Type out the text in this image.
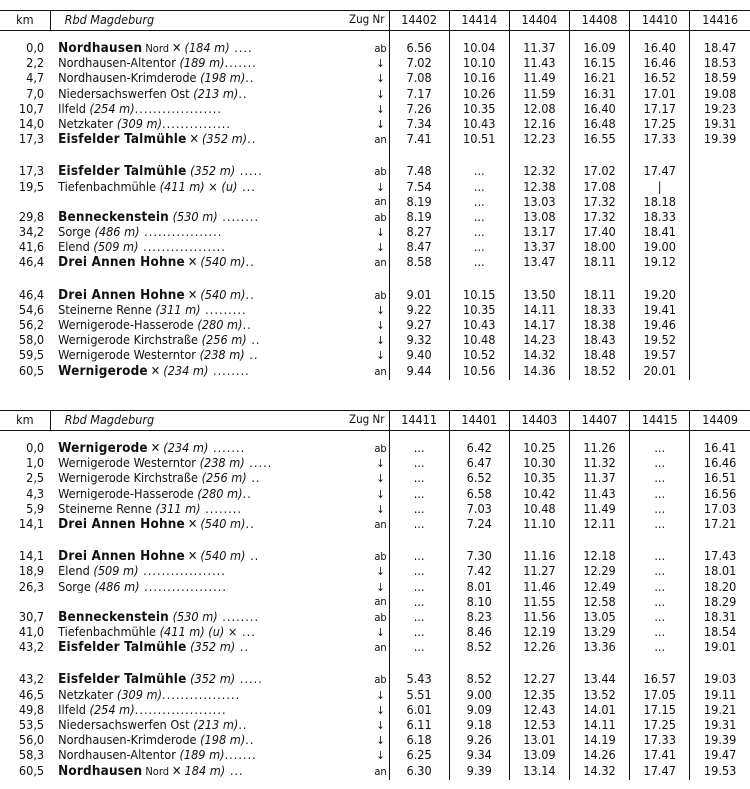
km	Rbd Magdeburg Zug Nr	14402	14414	14404	14408	14410	14416

0,0	Nordhausen Nord ✕ (184 m) .... ab	6.56	10.04	11.37	16.09	16.40	18.47
2,2	Nordhausen-Altentor (189 m)....... ↓	7.02	10.10	11.43	16.15	16.46	18.53
4,7	Nordhausen-Krimderode (198 m).. ↓	7.08	10.16	11.49	16.21	16.52	18.59
7,0	Niedersachswerfen Ost (213 m).. ↓	7.17	10.26	11.59	16.31	17.01	19.08
10,7	Ilfeld (254 m)................... ↓	7.26	10.35	12.08	16.40	17.17	19.23
14,0	Netzkater (309 m)............... ↓	7.34	10.43	12.16	16.48	17.25	19.31
17,3	Eisfelder Talmühle ✕ (352 m).. an	7.41	10.51	12.23	16.55	17.33	19.39

17,3	Eisfelder Talmühle (352 m) ..... ab	7.48	...	12.32	17.02	17.47	
19,5	Tiefenbachmühle (411 m) × (u) ... ↓	7.54	...	12.38	17.08	|	

	an	8.19	...	13.03	17.32	18.18	
29,8	Benneckenstein (530 m) ........ ab	8.19	...	13.08	17.32	18.33	
34,2	Sorge (486 m) ................. ↓	8.27	...	13.17	17.40	18.41	
41,6	Elend (509 m) .................. ↓	8.47	...	13.37	18.00	19.00	
46,4	Drei Annen Hohne ✕ (540 m).. an	8.58	...	13.47	18.11	19.12	

46,4	Drei Annen Hohne ✕ (540 m).. ab	9.01	10.15	13.50	18.11	19.20	
54,6	Steinerne Renne (311 m) ......... ↓	9.22	10.35	14.11	18.33	19.41	
56,2	Wernigerode-Hasserode (280 m).. ↓	9.27	10.43	14.17	18.38	19.46	
58,0	Wernigerode Kirchstraße (256 m) .. ↓	9.32	10.48	14.23	18.43	19.52	
59,5	Wernigerode Westerntor (238 m) .. ↓	9.40	10.52	14.32	18.48	19.57	
60,5	Wernigerode ✕ (234 m) ........ an	9.44	10.56	14.36	18.52	20.01	
km	Rbd Magdeburg Zug Nr	14411	14401	14403	14407	14415	14409

0,0	Wernigerode ✕ (234 m) ....... ab	...	6.42	10.25	11.26	...	16.41
1,0	Wernigerode Westerntor (238 m) ..... ↓	...	6.47	10.30	11.32	...	16.46
2,5	Wernigerode Kirchstraße (256 m) .. ↓	...	6.52	10.35	11.37	...	16.51
4,3	Wernigerode-Hasserode (280 m).. ↓	...	6.58	10.42	11.43	...	16.56
5,9	Steinerne Renne (311 m) ........ ↓	...	7.03	10.48	11.49	...	17.03
14,1	Drei Annen Hohne ✕ (540 m).. an	...	7.24	11.10	12.11	...	17.21

14,1	Drei Annen Hohne ✕ (540 m) .. ab	...	7.30	11.16	12.18	...	17.43
18,9	Elend (509 m) .................. ↓	...	7.42	11.27	12.29	...	18.01
26,3	Sorge (486 m) .................. ↓	...	8.01	11.46	12.49	...	18.20

	an	...	8.10	11.55	12.58	...	18.29
30,7	Benneckenstein (530 m) ........ ab	...	8.23	11.56	13.05	...	18.31
41,0	Tiefenbachmühle (411 m) (u) × ... ↓	...	8.46	12.19	13.29	...	18.54
43,2	Eisfelder Talmühle (352 m) .. an	...	8.52	12.26	13.36	...	19.01

43,2	Eisfelder Talmühle (352 m) ..... ab	5.43	8.52	12.27	13.44	16.57	19.03
46,5	Netzkater (309 m)................. ↓	5.51	9.00	12.35	13.52	17.05	19.11
49,8	Ilfeld (254 m).................... ↓	6.01	9.09	12.43	14.01	17.15	19.21
53,5	Niedersachswerfen Ost (213 m).. ↓	6.11	9.18	12.53	14.11	17.25	19.31
56,0	Nordhausen-Krimderode (198 m).. ↓	6.18	9.26	13.01	14.19	17.33	19.39
58,3	Nordhausen-Altentor (189 m)....... ↓	6.25	9.34	13.09	14.26	17.41	19.47
60,5	Nordhausen Nord ✕ 184 m) ... an	6.30	9.39	13.14	14.32	17.47	19.53
